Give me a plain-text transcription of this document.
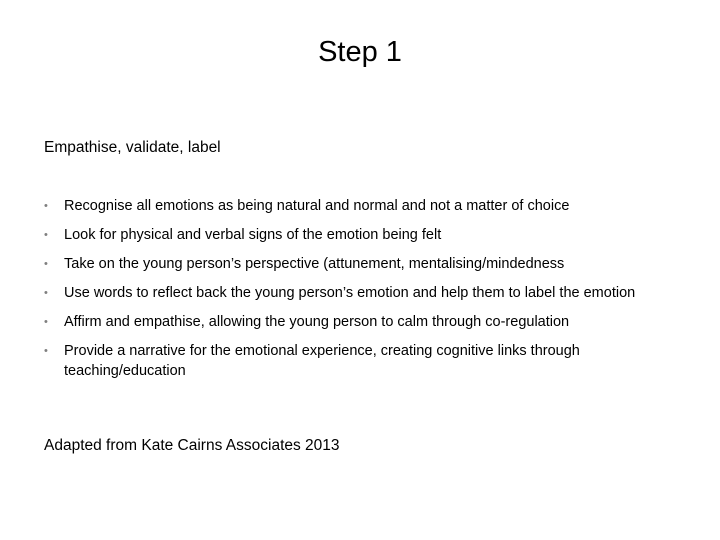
Step 1
Empathise, validate, label
•	Recognise all emotions as being natural and normal and not a matter of choice
•	Look for physical and verbal signs of the emotion being felt
•	Take on the young person’s perspective (attunement, mentalising/mindedness
•	Use words to reflect back the young person’s emotion and help them to label the emotion
•	Affirm and empathise, allowing the young person to calm through co-regulation
•	Provide a narrative for the emotional experience, creating cognitive links through teaching/education
Adapted from Kate Cairns Associates 2013
